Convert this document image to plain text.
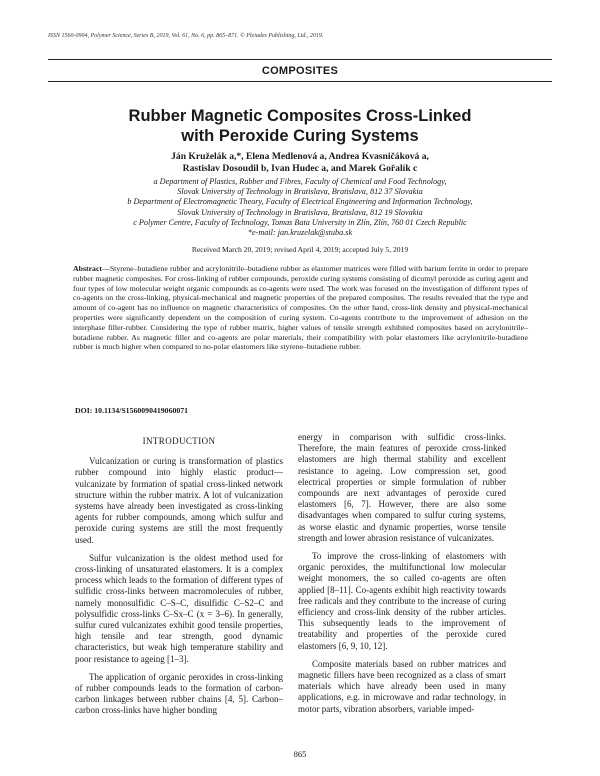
ISSN 1560-0904, Polymer Science, Series B, 2019, Vol. 61, No. 6, pp. 865–871. © Pleiades Publishing, Ltd., 2019.
COMPOSITES
Rubber Magnetic Composites Cross-Linked
with Peroxide Curing Systems
Ján Kruželák a,*, Elena Medlenová a, Andrea Kvasničáková a,
Rastislav Dosoudil b, Ivan Hudec a, and Marek Gořalík c

a Department of Plastics, Rubber and Fibres, Faculty of Chemical and Food Technology,

Slovak University of Technology in Bratislava, Bratislava, 812 37 Slovakia

b Department of Electromagnetic Theory, Faculty of Electrical Engineering and Information Technology,

Slovak University of Technology in Bratislava, Bratislava, 812 19 Slovakia

c Polymer Centre, Faculty of Technology, Tomas Bata University in Zlín, Zlín, 760 01 Czech Republic

*e-mail: jan.kruzelak@stuba.sk

Received March 20, 2019; revised April 4, 2019; accepted July 5, 2019

Abstract—Styrene–butadiene rubber and acrylonitrile–butadiene rubber as elastomer matrices were filled with barium ferrite in order to prepare rubber magnetic composites. For cross-linking of rubber compounds, peroxide curing systems consisting of dicumyl peroxide as curing agent and four types of low molecular weight organic compounds as co-agents were used. The work was focused on the investigation of different types of co-agents on the cross-linking, physical-mechanical and magnetic properties of the prepared composites. The results revealed that the type and amount of co-agent has no influence on magnetic characteristics of composites. On the other hand, cross-link density and physical-mechanical properties were significantly dependent on the composition of curing system. Co-agents contribute to the improvement of adhesion on the interphase filler-rubber. Considering the type of rubber matrix, higher values of tensile strength exhibited composites based on acrylonitrile–butadiene rubber. As magnetic filler and co-agents are polar materials, their compatibility with polar elastomers like acrylonitrile-butadiene rubber is much higher when compared to no-polar elastomers like styrene–butadiene rubber.

DOI: 10.1134/S1560090419060071
INTRODUCTION

Vulcanization or curing is transformation of plastics rubber compound into highly elastic product—vulcanizate by formation of spatial cross-linked network structure within the rubber matrix. A lot of vulcanization systems have already been investigated as cross-linking agents for rubber compounds, among which sulfur and peroxide curing systems are still the most frequently used.

Sulfur vulcanization is the oldest method used for cross-linking of unsaturated elastomers. It is a complex process which leads to the formation of different types of sulfidic cross-links between macromolecules of rubber, namely monosulfidic C–S–C, disulfidic C–S2–C and polysulfidic cross-links C–Sx–C (x = 3–6). In generally, sulfur cured vulcanizates exhibit good tensile properties, high tensile and tear strength, good dynamic characteristics, but weak high temperature stability and poor resistance to ageing [1–3].

The application of organic peroxides in cross-linking of rubber compounds leads to the formation of carbon-carbon linkages between rubber chains [4, 5]. Carbon–carbon cross-links have higher bonding

energy in comparison with sulfidic cross-links. Therefore, the main features of peroxide cross-linked elastomers are high thermal stability and excellent resistance to ageing. Low compression set, good electrical properties or simple formulation of rubber compounds are next advantages of peroxide cured elastomers [6, 7]. However, there are also some disadvantages when compared to sulfur curing systems, as worse elastic and dynamic properties, worse tensile strength and lower abrasion resistance of vulcanizates.

To improve the cross-linking of elastomers with organic peroxides, the multifunctional low molecular weight monomers, the so called co-agents are often applied [8–11]. Co-agents exhibit high reactivity towards free radicals and they contribute to the increase of curing efficiency and cross-link density of the rubber articles. This subsequently leads to the improvement of treatability and properties of the peroxide cured elastomers [6, 9, 10, 12].

Composite materials based on rubber matrices and magnetic fillers have been recognized as a class of smart materials which have already been used in many applications, e.g. in microwave and radar technology, in motor parts, vibration absorbers, variable imped-

865
